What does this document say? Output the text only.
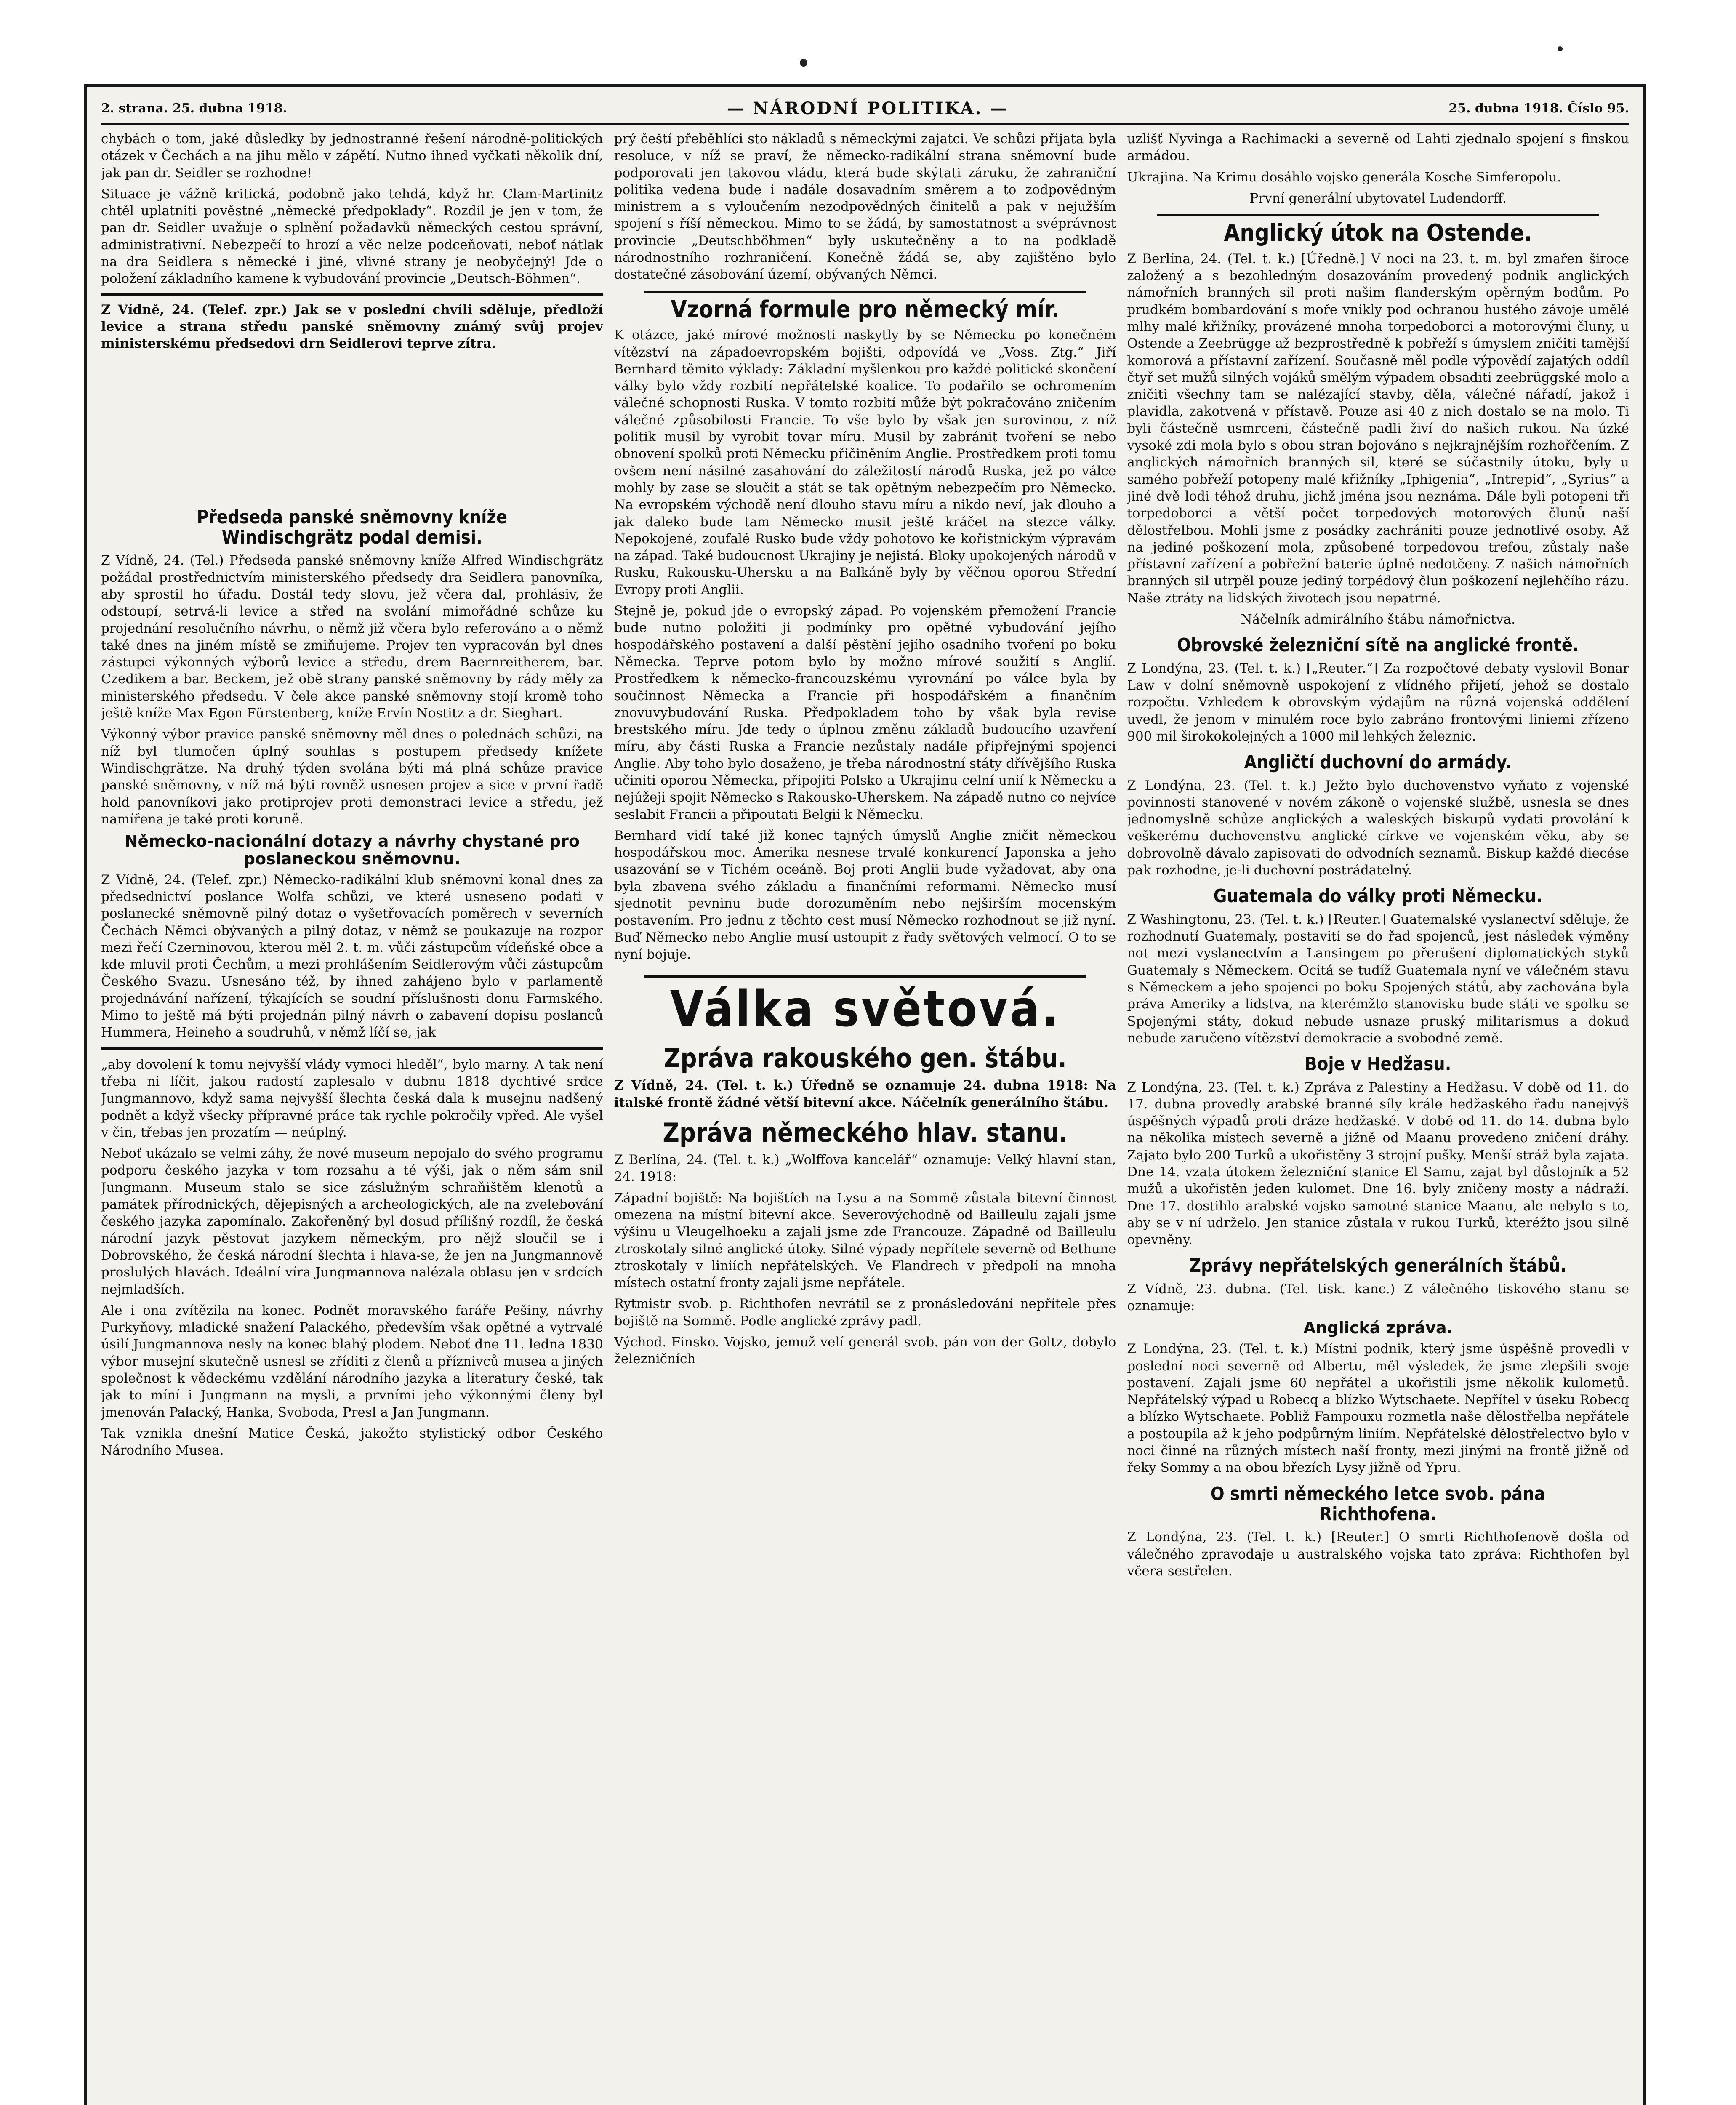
2. strana. 25. dubna 1918.	— NÁRODNÍ POLITIKA. —	25. dubna 1918. Číslo 95.

chybách o tom, jaké důsledky by jednostranné řešení národně-politických otázek v Čechách a na jihu mělo v zápětí. Nutno ihned vyčkati několik dní, jak pan dr. Seidler se rozhodne!

Situace je vážně kritická, podobně jako tehdá, když hr. Clam-Martinitz chtěl uplatniti pověstné „německé předpoklady“. Rozdíl je jen v tom, že pan dr. Seidler uvažuje o splnění požadavků německých cestou správní, administrativní. Nebezpečí to hrozí a věc nelze podceňovati, neboť nátlak na dra Seidlera s německé i jiné, vlivné strany je neobyčejný! Jde o položení základního kamene k vybudování provincie „Deutsch-Böhmen“.

Z Vídně, 24. (Telef. zpr.) Jak se v poslední chvíli sděluje, předloží levice a strana středu panské sněmovny známý svůj projev ministerskému předsedovi drn Seidlerovi teprve zítra.

Předseda panské sněmovny kníže Windischgrätz podal demisi.

Z Vídně, 24. (Tel.) Předseda panské sněmovny kníže Alfred Windischgrätz požádal prostřednictvím ministerského předsedy dra Seidlera panovníka, aby sprostil ho úřadu. Dostál tedy slovu, jež včera dal, prohlásiv, že odstoupí, setrvá-li levice a střed na svolání mimořádné schůze ku projednání resolučního návrhu, o němž již včera bylo referováno a o němž také dnes na jiném místě se zmiňujeme. Projev ten vypracován byl dnes zástupci výkonných výborů levice a středu, drem Baernreitherem, bar. Czedikem a bar. Beckem, jež obě strany panské sněmovny by rády měly za ministerského předsedu. V čele akce panské sněmovny stojí kromě toho ještě kníže Max Egon Fürstenberg, kníže Ervín Nostitz a dr. Sieghart.

Výkonný výbor pravice panské sněmovny měl dnes o polednách schůzi, na níž byl tlumočen úplný souhlas s postupem předsedy knížete Windischgrätze. Na druhý týden svolána býti má plná schůze pravice panské sněmovny, v níž má býti rovněž usnesen projev a sice v první řadě hold panovníkovi jako protiprojev proti demonstraci levice a středu, jež namířena je také proti koruně.

Německo-nacionální dotazy a návrhy chystané pro poslaneckou sněmovnu.

Z Vídně, 24. (Telef. zpr.) Německo-radikální klub sněmovní konal dnes za předsednictví poslance Wolfa schůzi, ve které usneseno podati v poslanecké sněmovně pilný dotaz o vyšetřovacích poměrech v severních Čechách Němci obývaných a pilný dotaz, v němž se poukazuje na rozpor mezi řečí Czerninovou, kterou měl 2. t. m. vůči zástupcům vídeňské obce a kde mluvil proti Čechům, a mezi prohlášením Seidlerovým vůči zástupcům Českého Svazu. Usnesáno též, by ihned zahájeno bylo v parlamentě projednávání nařízení, týkajících se soudní příslušnosti donu Farmského. Mimo to ještě má býti projednán pilný návrh o zabavení dopisu poslanců Hummera, Heineho a soudruhů, v němž líčí se, jak

„aby dovolení k tomu nejvyšší vlády vymoci hleděl“, bylo marny. A tak není třeba ni líčit, jakou radostí zaplesalo v dubnu 1818 dychtivé srdce Jungmannovo, když sama nejvyšší šlechta česká dala k musejnu nadšený podnět a když všecky přípravné práce tak rychle pokročily vpřed. Ale vyšel v čin, třebas jen prozatím — neúplný.

Neboť ukázalo se velmi záhy, že nové museum nepojalo do svého programu podporu českého jazyka v tom rozsahu a té výši, jak o něm sám snil Jungmann. Museum stalo se sice záslužným schraňištěm klenotů a památek přírodnických, dějepisných a archeologických, ale na zvelebování českého jazyka zapomínalo. Zakořeněný byl dosud přílišný rozdíl, že česká národní jazyk pěstovat jazykem německým, pro nějž sloučil se i Dobrovského, že česká národní šlechta i hlava-se, že jen na Jungmannově proslulých hlavách. Ideální víra Jungmannova nalézala oblasu jen v srdcích nejmladších.

Ale i ona zvítězila na konec. Podnět moravského faráře Pešiny, návrhy Purkyňovy, mladické snažení Palackého, především však opětné a vytrvalé úsilí Jungmannova nesly na konec blahý plodem. Neboť dne 11. ledna 1830 výbor musejní skutečně usnesl se zříditi z členů a příznivců musea a jiných společnost k vědeckému vzdělání národního jazyka a literatury české, tak jak to míní i Jungmann na mysli, a prvními jeho výkonnými členy byl jmenován Palacký, Hanka, Svoboda, Presl a Jan Jungmann.

Tak vznikla dnešní Matice Česká, jakožto stylistický odbor Českého Národního Musea.

prý čeští přeběhlíci sto nákladů s německými zajatci. Ve schůzi přijata byla resoluce, v níž se praví, že německo-radikální strana sněmovní bude podporovati jen takovou vládu, která bude skýtati záruku, že zahraniční politika vedena bude i nadále dosavadním směrem a to zodpovědným ministrem a s vyloučením nezodpovědných činitelů a pak v nejužším spojení s říší německou. Mimo to se žádá, by samostatnost a svéprávnost provincie „Deutschböhmen“ byly uskutečněny a to na podkladě národnostního rozhraničení. Konečně žádá se, aby zajištěno bylo dostatečné zásobování území, obývaných Němci.

Vzorná formule pro německý mír.

K otázce, jaké mírové možnosti naskytly by se Německu po konečném vítězství na západoevropském bojišti, odpovídá ve „Voss. Ztg.“ Jiří Bernhard těmito výklady: Základní myšlenkou pro každé politické skončení války bylo vždy rozbití nepřátelské koalice. To podařilo se ochromením válečné schopnosti Ruska. V tomto rozbití může být pokračováno zničením válečné způsobilosti Francie. To vše bylo by však jen surovinou, z níž politik musil by vyrobit tovar míru. Musil by zabránit tvoření se nebo obnovení spolků proti Německu přičiněním Anglie. Prostředkem proti tomu ovšem není násilné zasahování do záležitostí národů Ruska, jež po válce mohly by zase se sloučit a stát se tak opětným nebezpečím pro Německo. Na evropském východě není dlouho stavu míru a nikdo neví, jak dlouho a jak daleko bude tam Německo musit ještě kráčet na stezce války. Nepokojené, zoufalé Rusko bude vždy pohotovo ke kořistnickým výpravám na západ. Také budoucnost Ukrajiny je nejistá. Bloky upokojených národů v Rusku, Rakousku-Uhersku a na Balkáně byly by věčnou oporou Střední Evropy proti Anglii.

Stejně je, pokud jde o evropský západ. Po vojenském přemožení Francie bude nutno položiti ji podmínky pro opětné vybudování jejího hospodářského postavení a další pěstění jejího osadního tvoření po boku Německa. Teprve potom bylo by možno mírové soužití s Anglií. Prostředkem k německo-francouzskému vyrovnání po válce byla by součinnost Německa a Francie při hospodářském a finančním znovuvybudování Ruska. Předpokladem toho by však byla revise brestského míru. Jde tedy o úplnou změnu základů budoucího uzavření míru, aby části Ruska a Francie nezůstaly nadále připřejnými spojenci Anglie. Aby toho bylo dosaženo, je třeba národnostní státy dřívějšího Ruska učiniti oporou Německa, připojiti Polsko a Ukrajinu celní unií k Německu a nejúžeji spojit Německo s Rakousko-Uherskem. Na západě nutno co nejvíce seslabit Francii a připoutati Belgii k Německu.

Bernhard vidí také již konec tajných úmyslů Anglie zničit německou hospodářskou moc. Amerika nesnese trvalé konkurencí Japonska a jeho usazování se v Tichém oceáně. Boj proti Anglii bude vyžadovat, aby ona byla zbavena svého základu a finančními reformami. Německo musí sjednotit pevninu bude dorozuměním nebo nejširším mocenským postavením. Pro jednu z těchto cest musí Německo rozhodnout se již nyní. Buď Německo nebo Anglie musí ustoupit z řady světových velmocí. O to se nyní bojuje.

Válka světová.
Zpráva rakouského gen. štábu.

Z Vídně, 24. (Tel. t. k.) Úředně se oznamuje 24. dubna 1918: Na italské frontě žádné větší bitevní akce. Náčelník generálního štábu.

Zpráva německého hlav. stanu.

Z Berlína, 24. (Tel. t. k.) „Wolffova kancelář“ oznamuje: Velký hlavní stan, 24. 1918:

Západní bojiště: Na bojištích na Lysu a na Sommě zůstala bitevní činnost omezena na místní bitevní akce. Severovýchodně od Bailleulu zajali jsme výšinu u Vleugelhoeku a zajali jsme zde Francouze. Západně od Bailleulu ztroskotaly silné anglické útoky. Silné výpady nepřítele severně od Bethune ztroskotaly v liniích nepřátelských. Ve Flandrech v předpolí na mnoha místech ostatní fronty zajali jsme nepřátele.

Rytmistr svob. p. Richthofen nevrátil se z pronásledování nepřítele přes bojiště na Sommě. Podle anglické zprávy padl.

Východ. Finsko. Vojsko, jemuž velí generál svob. pán von der Goltz, dobylo železničních

uzlišť Nyvinga a Rachimacki a severně od Lahti zjednalo spojení s finskou armádou.

Ukrajina. Na Krimu dosáhlo vojsko generála Kosche Simferopolu.

První generální ubytovatel Ludendorff.

Anglický útok na Ostende.

Z Berlína, 24. (Tel. t. k.) [Úředně.] V noci na 23. t. m. byl zmařen široce založený a s bezohledným dosazováním provedený podnik anglických námořních branných sil proti našim flanderským opěrným bodům. Po prudkém bombardování s moře vnikly pod ochranou hustého závoje umělé mlhy malé křižníky, provázené mnoha torpedoborci a motorovými čluny, u Ostende a Zeebrügge až bezprostředně k pobřeží s úmyslem zničiti tamější komorová a přístavní zařízení. Současně měl podle výpovědí zajatých oddíl čtyř set mužů silných vojáků smělým výpadem obsaditi zeebrüggské molo a zničiti všechny tam se nalézající stavby, děla, válečné nářadí, jakož i plavidla, zakotvená v přístavě. Pouze asi 40 z nich dostalo se na molo. Ti byli částečně usmrceni, částečně padli živí do našich rukou. Na úzké vysoké zdi mola bylo s obou stran bojováno s nejkrajnějším rozhořčením. Z anglických námořních branných sil, které se súčastnily útoku, byly u samého pobřeží potopeny malé křižníky „Iphigenia“, „Intrepid“, „Syrius“ a jiné dvě lodi téhož druhu, jichž jména jsou neznáma. Dále byli potopeni tři torpedoborci a větší počet torpedových motorových člunů naší dělostřelbou. Mohli jsme z posádky zachrániti pouze jednotlivé osoby. Až na jediné poškození mola, způsobené torpedovou trefou, zůstaly naše přístavní zařízení a pobřežní baterie úplně nedotčeny. Z našich námořních branných sil utrpěl pouze jediný torpédový člun poškození nejlehčího rázu. Naše ztráty na lidských životech jsou nepatrné.

Náčelník admirálního štábu námořnictva.

Obrovské železniční sítě na anglické frontě.

Z Londýna, 23. (Tel. t. k.) [„Reuter.“] Za rozpočtové debaty vyslovil Bonar Law v dolní sněmovně uspokojení z vlídného přijetí, jehož se dostalo rozpočtu. Vzhledem k obrovským výdajům na různá vojenská oddělení uvedl, že jenom v minulém roce bylo zabráno frontovými liniemi zřízeno 900 mil širokokolejných a 1000 mil lehkých železnic.

Angličtí duchovní do armády.

Z Londýna, 23. (Tel. t. k.) Ježto bylo duchovenstvo vyňato z vojenské povinnosti stanovené v novém zákoně o vojenské službě, usnesla se dnes jednomyslně schůze anglických a waleských biskupů vydati provolání k veškerému duchovenstvu anglické církve ve vojenském věku, aby se dobrovolně dávalo zapisovati do odvodních seznamů. Biskup každé diecése pak rozhodne, je-li duchovní postrádatelný.

Guatemala do války proti Německu.

Z Washingtonu, 23. (Tel. t. k.) [Reuter.] Guatemalské vyslanectví sděluje, že rozhodnutí Guatemaly, postaviti se do řad spojenců, jest následek výměny not mezi vyslanectvím a Lansingem po přerušení diplomatických styků Guatemaly s Německem. Ocitá se tudíž Guatemala nyní ve válečném stavu s Německem a jeho spojenci po boku Spojených států, aby zachována byla práva Ameriky a lidstva, na kterémžto stanovisku bude státi ve spolku se Spojenými státy, dokud nebude usnaze pruský militarismus a dokud nebude zaručeno vítězství demokracie a svobodné země.

Boje v Hedžasu.

Z Londýna, 23. (Tel. t. k.) Zpráva z Palestiny a Hedžasu. V době od 11. do 17. dubna provedly arabské branné síly krále hedžaského řadu nanejvýš úspěšných výpadů proti dráze hedžaské. V době od 11. do 14. dubna bylo na několika místech severně a jižně od Maanu provedeno zničení dráhy. Zajato bylo 200 Turků a ukořistěny 3 strojní pušky. Menší stráž byla zajata. Dne 14. vzata útokem železniční stanice El Samu, zajat byl důstojník a 52 mužů a ukořistěn jeden kulomet. Dne 16. byly zničeny mosty a nádraží. Dne 17. dostihlo arabské vojsko samotné stanice Maanu, ale nebylo s to, aby se v ní udrželo. Jen stanice zůstala v rukou Turků, kteréžto jsou silně opevněny.

Zprávy nepřátelských generálních štábů.

Z Vídně, 23. dubna. (Tel. tisk. kanc.) Z válečného tiskového stanu se oznamuje:

Anglická zpráva.

Z Londýna, 23. (Tel. t. k.) Místní podnik, který jsme úspěšně provedli v poslední noci severně od Albertu, měl výsledek, že jsme zlepšili svoje postavení. Zajali jsme 60 nepřátel a ukořistili jsme několik kulometů. Nepřátelský výpad u Robecq a blízko Wytschaete. Nepřítel v úseku Robecq a blízko Wytschaete. Pobliž Fampouxu rozmetla naše dělostřelba nepřátele a postoupila až k jeho podpůrným liniím. Nepřátelské dělostřelectvo bylo v noci činné na různých místech naší fronty, mezi jinými na frontě jižně od řeky Sommy a na obou březích Lysy jižně od Ypru.

O smrti německého letce svob. pána Richthofena.

Z Londýna, 23. (Tel. t. k.) [Reuter.] O smrti Richthofenově došla od válečného zpravodaje u australského vojska tato zpráva: Richthofen byl včera sestřelen.
